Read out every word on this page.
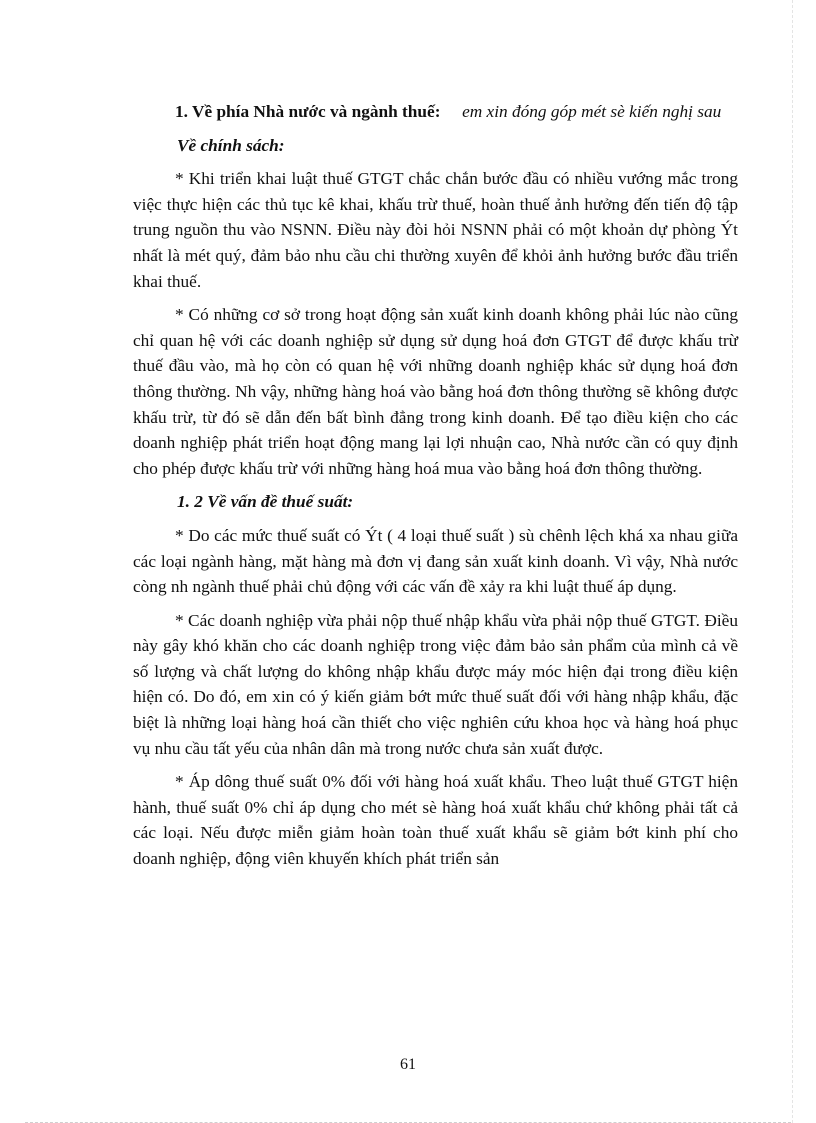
1. Về phía Nhà nước và ngành thuế: em xin đóng góp mét sè kiến nghị sau

Về chính sách:

* Khi triển khai luật thuế GTGT chắc chắn bước đầu có nhiều vướng mắc trong việc thực hiện các thủ tục kê khai, khấu trừ thuế, hoàn thuế ảnh hưởng đến tiến độ tập trung nguồn thu vào NSNN. Điều này đòi hỏi NSNN phải có một khoản dự phòng Ýt nhất là mét quý, đảm bảo nhu cầu chi thường xuyên để khỏi ảnh hưởng bước đầu triển khai thuế.

* Có những cơ sở trong hoạt động sản xuất kinh doanh không phải lúc nào cũng chỉ quan hệ với các doanh nghiệp sử dụng sử dụng hoá đơn GTGT để được khấu trừ thuế đầu vào, mà họ còn có quan hệ với những doanh nghiệp khác sử dụng hoá đơn thông thường. Nh vậy, những hàng hoá vào bằng hoá đơn thông thường sẽ không được khấu trừ, từ đó sẽ dẫn đến bất bình đẳng trong kinh doanh. Để tạo điều kiện cho các doanh nghiệp phát triển hoạt động mang lại lợi nhuận cao, Nhà nước cần có quy định cho phép được khấu trừ với những hàng hoá mua vào bằng hoá đơn thông thường.

1. 2 Về vấn đề thuế suất:

* Do các mức thuế suất có Ýt ( 4 loại thuế suất ) sù chênh lệch khá xa nhau giữa các loại ngành hàng, mặt hàng mà đơn vị đang sản xuất kinh doanh. Vì vậy, Nhà nước còng nh ngành thuế phải chủ động với các vấn đề xảy ra khi luật thuế áp dụng.

* Các doanh nghiệp vừa phải nộp thuế nhập khẩu vừa phải nộp thuế GTGT. Điều này gây khó khăn cho các doanh nghiệp trong việc đảm bảo sản phẩm của mình cả về số lượng và chất lượng do không nhập khẩu được máy móc hiện đại trong điều kiện hiện có. Do đó, em xin có ý kiến giảm bớt mức thuế suất đối với hàng nhập khẩu, đặc biệt là những loại hàng hoá cần thiết cho việc nghiên cứu khoa học và hàng hoá phục vụ nhu cầu tất yếu của nhân dân mà trong nước chưa sản xuất được.

* Áp dông thuế suất 0% đối với hàng hoá xuất khẩu. Theo luật thuế GTGT hiện hành, thuế suất 0% chỉ áp dụng cho mét sè hàng hoá xuất khẩu chứ không phải tất cả các loại. Nếu được miễn giảm hoàn toàn thuế xuất khẩu sẽ giảm bớt kinh phí cho doanh nghiệp, động viên khuyến khích phát triển sản

61
